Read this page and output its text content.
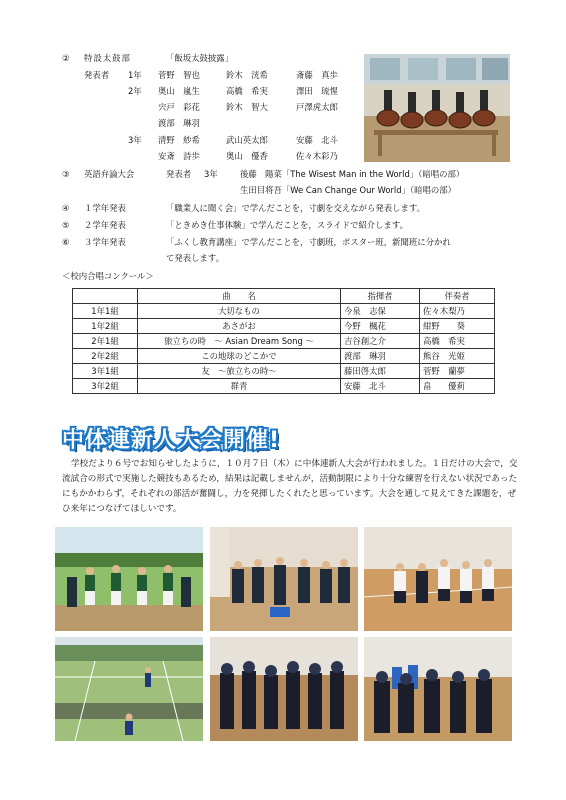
② 特設太鼓部	「飯坂太鼓披露」
発表者 1年 菅野　智也	鈴木　洸希	斎藤　真歩
2年 奥山　嵐生	高橋　希実	澤田　琉惺
宍戸　彩花	鈴木　智大	戸澤虎太郎
渡部　琳羽
3年 清野　紗希	武山英太郎	安藤　北斗
安斎　詩歩	奥山　優香	佐々木彩乃
③ 英語弁論大会	発表者 3年	後藤　陽菜「The Wisest Man in the World」（暗唱の部）
生田目将吾「We Can Change Our World」（暗唱の部）
④ １学年発表	「職業人に聞く会」で学んだことを，寸劇を交えながら発表します。
⑤ ２学年発表	「ときめき仕事体験」で学んだことを，スライドで紹介します。
⑥ ３学年発表	「ふくし教育講座」で学んだことを，寸劇班，ポスター班，新聞班に分かれ
て発表します。
＜校内合唱コンクール＞
	曲　　名	指揮者	伴奏者
1年1組	大切なもの	今泉　志保	佐々木梨乃
1年2組	あさがお	今野　楓花	紺野　　葵
2年1組	旅立ちの時　～ Asian Dream Song ～	吉谷創之介	高橋　希実
2年2組	この地球のどこかで	渡部　琳羽	熊谷　光姫
3年1組	友　～旅立ちの時～	藤田啓太郎	菅野　蘭夢
3年2組	群青	安藤　北斗	畠　　優莉
中体連新人大会開催!
学校だより６号でお知らせしたように，１０月７日（木）に中体連新人大会が行われました。１日だけの大会で，交流試合の形式で実施した競技もあるため，結果は記載しませんが，活動制限により十分な練習を行えない状況であったにもかかわらず，それぞれの部活が奮闘し，力を発揮したくれたと思っています。大会を通して見えてきた課題を，ぜひ来年につなげてほしいです。
